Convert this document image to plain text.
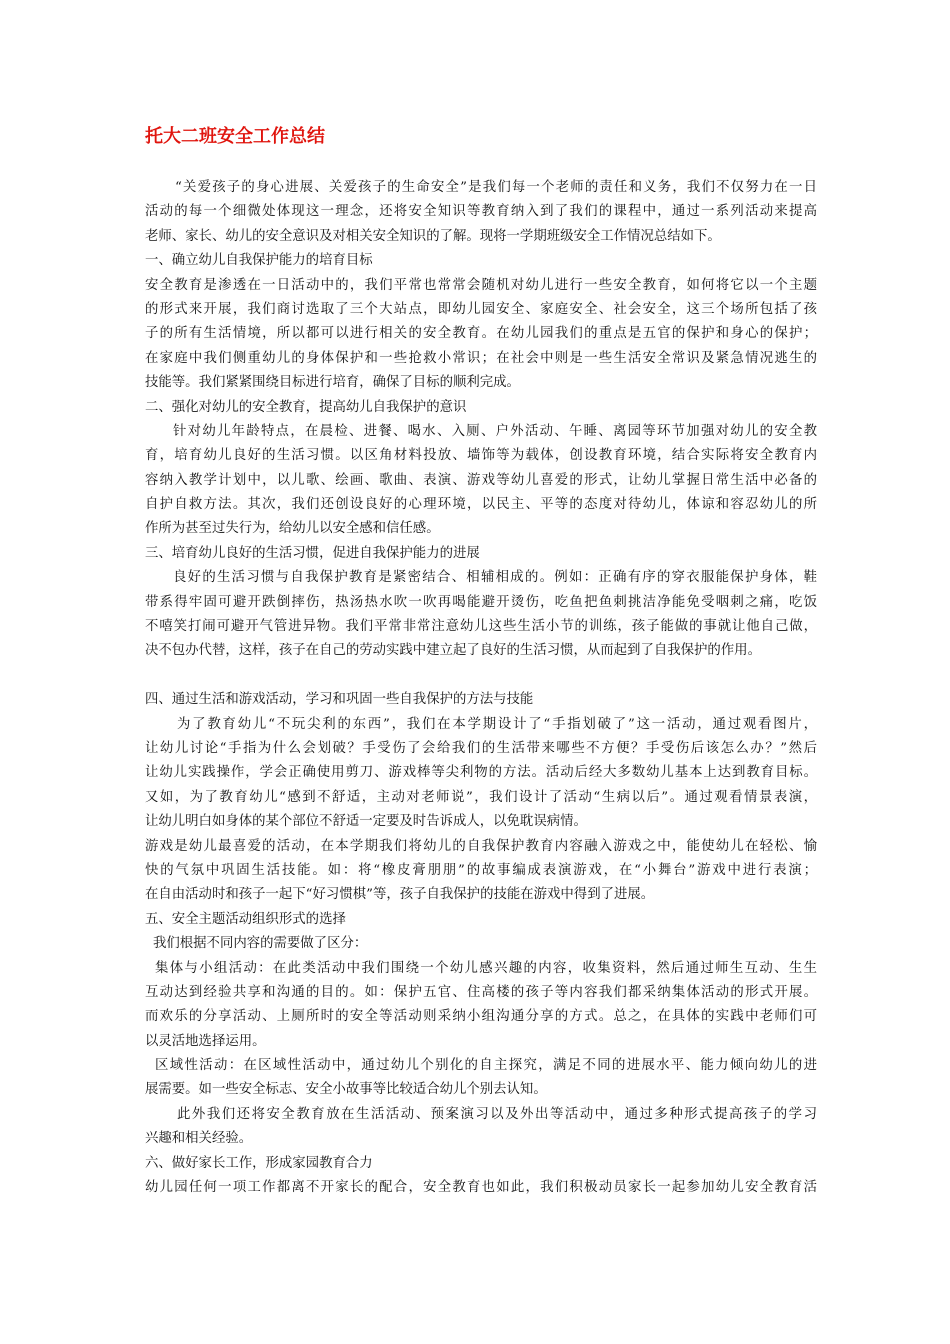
托大二班安全工作总结
“关爱孩子的身心进展、关爱孩子的生命安全”是我们每一个老师的责任和义务，我们不仅努力在一日
活动的每一个细微处体现这一理念，还将安全知识等教育纳入到了我们的课程中，通过一系列活动来提高
老师、家长、幼儿的安全意识及对相关安全知识的了解。现将一学期班级安全工作情况总结如下。
一、确立幼儿自我保护能力的培育目标
安全教育是渗透在一日活动中的，我们平常也常常会随机对幼儿进行一些安全教育，如何将它以一个主题
的形式来开展，我们商讨选取了三个大站点，即幼儿园安全、家庭安全、社会安全，这三个场所包括了孩
子的所有生活情境，所以都可以进行相关的安全教育。在幼儿园我们的重点是五官的保护和身心的保护；
在家庭中我们侧重幼儿的身体保护和一些抢救小常识；在社会中则是一些生活安全常识及紧急情况逃生的
技能等。我们紧紧围绕目标进行培育，确保了目标的顺利完成。
二、强化对幼儿的安全教育，提高幼儿自我保护的意识
针对幼儿年龄特点，在晨检、进餐、喝水、入厕、户外活动、午睡、离园等环节加强对幼儿的安全教
育，培育幼儿良好的生活习惯。以区角材料投放、墙饰等为载体，创设教育环境，结合实际将安全教育内
容纳入教学计划中，以儿歌、绘画、歌曲、表演、游戏等幼儿喜爱的形式，让幼儿掌握日常生活中必备的
自护自救方法。其次，我们还创设良好的心理环境，以民主、平等的态度对待幼儿，体谅和容忍幼儿的所
作所为甚至过失行为，给幼儿以安全感和信任感。
三、培育幼儿良好的生活习惯，促进自我保护能力的进展
良好的生活习惯与自我保护教育是紧密结合、相辅相成的。例如：正确有序的穿衣服能保护身体，鞋
带系得牢固可避开跌倒摔伤，热汤热水吹一吹再喝能避开烫伤，吃鱼把鱼刺挑洁净能免受咽刺之痛，吃饭
不嘻笑打闹可避开气管进异物。我们平常非常注意幼儿这些生活小节的训练，孩子能做的事就让他自己做，
决不包办代替，这样，孩子在自己的劳动实践中建立起了良好的生活习惯，从而起到了自我保护的作用。
四、通过生活和游戏活动，学习和巩固一些自我保护的方法与技能
为了教育幼儿“不玩尖利的东西”，我们在本学期设计了“手指划破了”这一活动，通过观看图片，
让幼儿讨论“手指为什么会划破？手受伤了会给我们的生活带来哪些不方便？手受伤后该怎么办？”然后
让幼儿实践操作，学会正确使用剪刀、游戏棒等尖利物的方法。活动后经大多数幼儿基本上达到教育目标。
又如，为了教育幼儿“感到不舒适，主动对老师说”，我们设计了活动“生病以后”。通过观看情景表演，
让幼儿明白如身体的某个部位不舒适一定要及时告诉成人，以免耽误病情。
游戏是幼儿最喜爱的活动，在本学期我们将幼儿的自我保护教育内容融入游戏之中，能使幼儿在轻松、愉
快的气氛中巩固生活技能。如：将“橡皮膏朋朋”的故事编成表演游戏，在“小舞台”游戏中进行表演；
在自由活动时和孩子一起下“好习惯棋”等，孩子自我保护的技能在游戏中得到了进展。
五、安全主题活动组织形式的选择
我们根据不同内容的需要做了区分：
集体与小组活动：在此类活动中我们围绕一个幼儿感兴趣的内容，收集资料，然后通过师生互动、生生
互动达到经验共享和沟通的目的。如：保护五官、住高楼的孩子等内容我们都采纳集体活动的形式开展。
而欢乐的分享活动、上厕所时的安全等活动则采纳小组沟通分享的方式。总之，在具体的实践中老师们可
以灵活地选择运用。
区域性活动：在区域性活动中，通过幼儿个别化的自主探究，满足不同的进展水平、能力倾向幼儿的进
展需要。如一些安全标志、安全小故事等比较适合幼儿个别去认知。
此外我们还将安全教育放在生活活动、预案演习以及外出等活动中，通过多种形式提高孩子的学习
兴趣和相关经验。
六、做好家长工作，形成家园教育合力
幼儿园任何一项工作都离不开家长的配合，安全教育也如此，我们积极动员家长一起参加幼儿安全教育活
